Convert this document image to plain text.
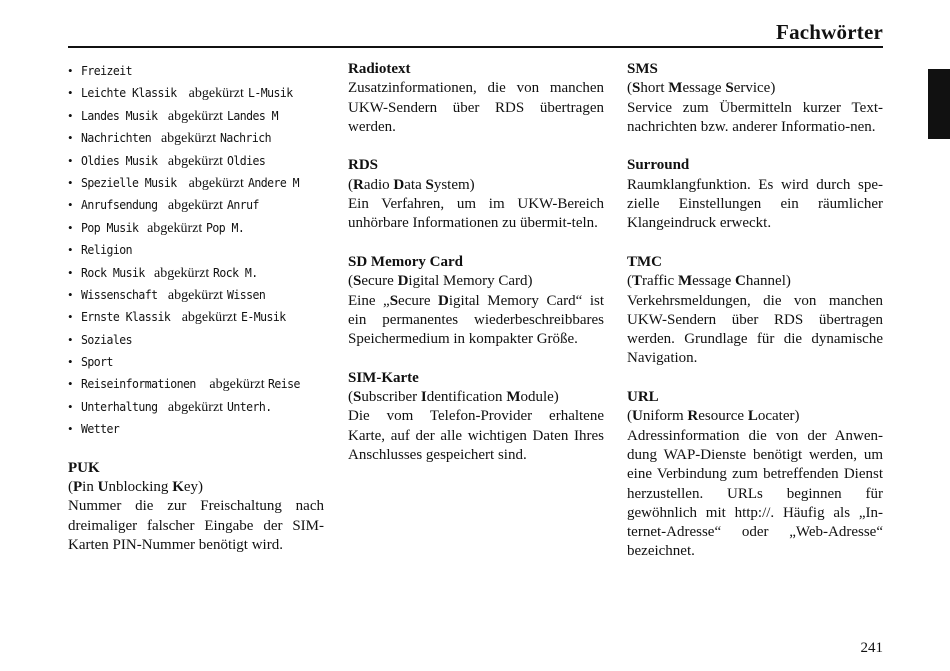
Fachwörter
• Freizeit
• Leichte Klassik abgekürzt L-Musik
• Landes Musik abgekürzt Landes M
• Nachrichten abgekürzt Nachrich
• Oldies Musik abgekürzt Oldies
• Spezielle Musik abgekürzt Andere M
• Anrufsendung abgekürzt Anruf
• Pop Musik abgekürzt Pop M.
• Religion
• Rock Musik abgekürzt Rock M.
• Wissenschaft abgekürzt Wissen
• Ernste Klassik abgekürzt E-Musik
• Soziales
• Sport
• Reiseinformationen abgekürzt Reise
• Unterhaltung abgekürzt Unterh.
• Wetter
PUK
(Pin Unblocking Key)
Nummer die zur Freischaltung nach dreimaliger falscher Eingabe der SIM-Karten PIN-Nummer benötigt wird.
Radiotext
Zusatzinformationen, die von manchen UKW-Sendern über RDS übertragen werden.
RDS
(Radio Data System)
Ein Verfahren, um im UKW-Bereich unhörbare Informationen zu übermit-teln.
SD Memory Card
(Secure Digital Memory Card)
Eine „Secure Digital Memory Card“ ist ein permanentes wiederbeschreibbares Speichermedium in kompakter Größe.
SIM-Karte
(Subscriber Identification Module)
Die vom Telefon-Provider erhaltene Karte, auf der alle wichtigen Daten Ihres Anschlusses gespeichert sind.
SMS
(Short Message Service)
Service zum Übermitteln kurzer Text-nachrichten bzw. anderer Informatio-nen.
Surround
Raumklangfunktion. Es wird durch spe-zielle Einstellungen ein räumlicher Klangeindruck erweckt.
TMC
(Traffic Message Channel)
Verkehrsmeldungen, die von manchen UKW-Sendern über RDS übertragen werden. Grundlage für die dynamische Navigation.
URL
(Uniform Resource Locater)
Adressinformation die von der Anwen-dung WAP-Dienste benötigt werden, um eine Verbindung zum betreffenden Dienst herzustellen. URLs beginnen für gewöhnlich mit http://. Häufig als „In-ternet-Adresse“ oder „Web-Adresse“ bezeichnet.
241
